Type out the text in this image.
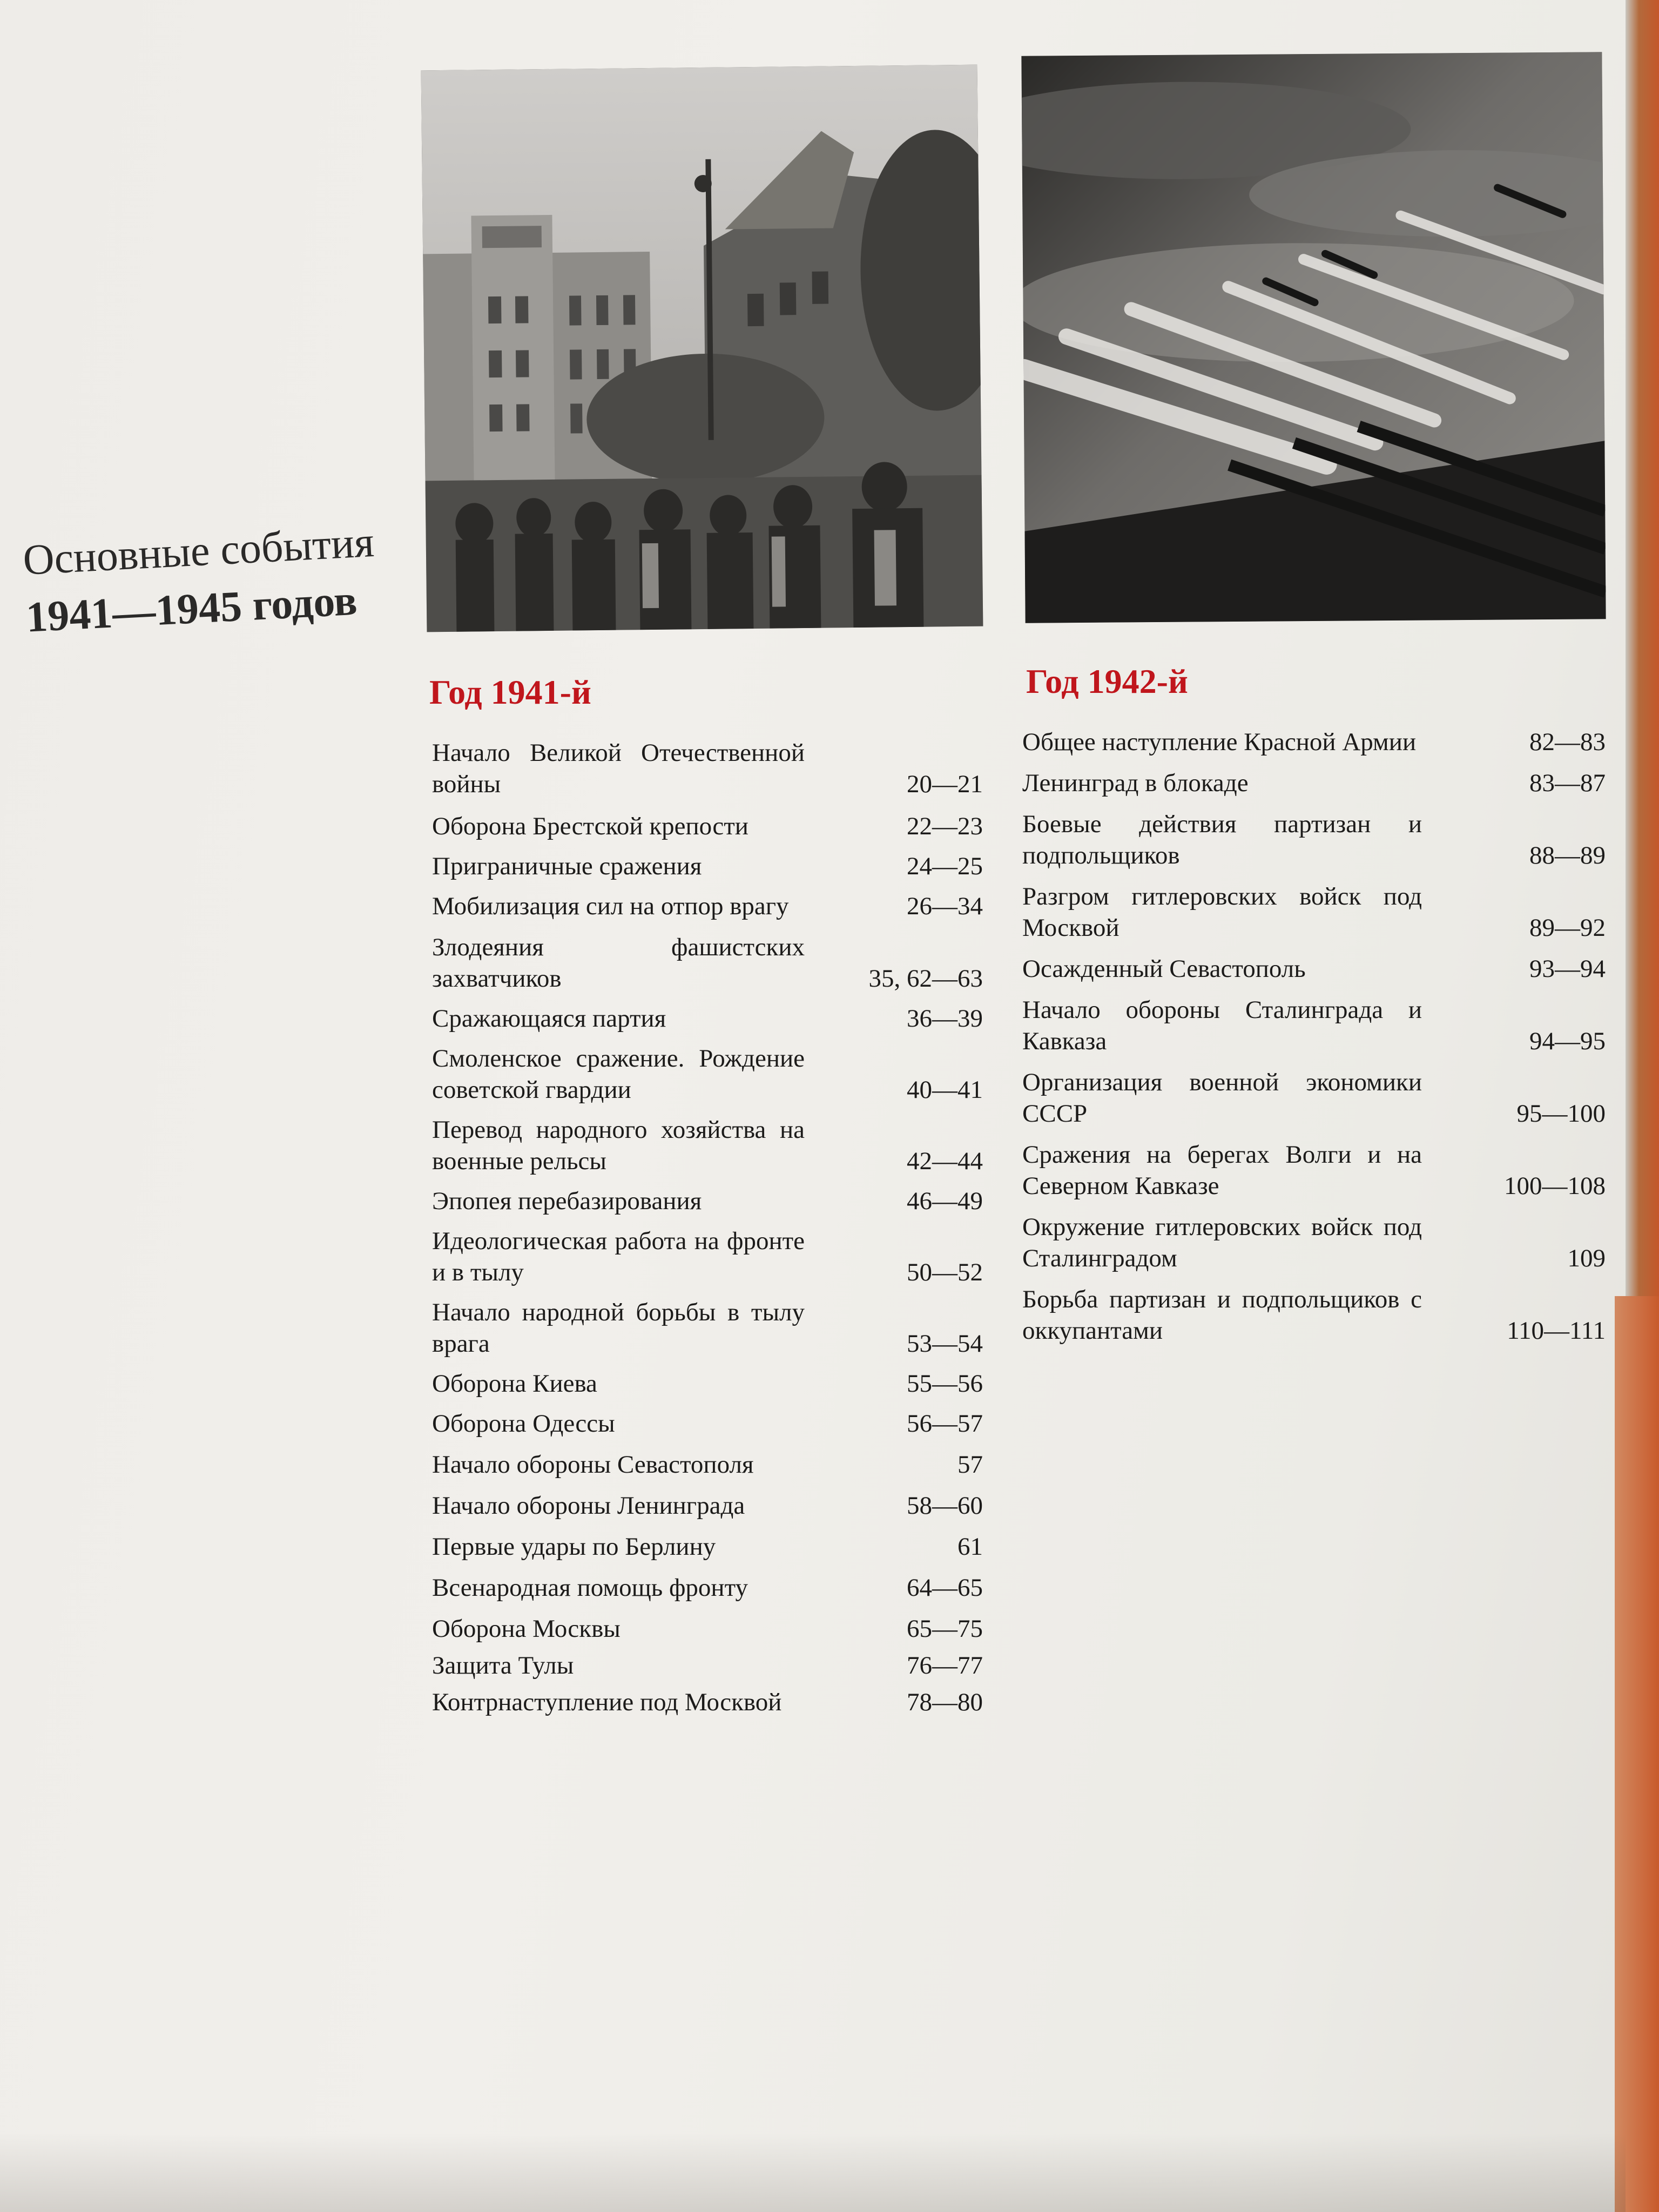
Основные события
1941—1945 годов
Год 1941-й	Год 1942-й
Начало Великой Отечественной войны	20—21
Оборона Брестской крепости	22—23
Приграничные сражения	24—25
Мобилизация сил на отпор врагу	26—34
Злодеяния фашистских захватчиков	35, 62—63
Сражающаяся партия	36—39
Смоленское сражение. Рождение советской гвардии	40—41
Перевод народного хозяйства на военные рельсы	42—44
Эпопея перебазирования	46—49
Идеологическая работа на фронте и в тылу	50—52
Начало народной борьбы в тылу врага	53—54
Оборона Киева	55—56
Оборона Одессы	56—57
Начало обороны Севастополя	57
Начало обороны Ленинграда	58—60
Первые удары по Берлину	61
Всенародная помощь фронту	64—65
Оборона Москвы	65—75
Защита Тулы	76—77
Контрнаступление под Москвой	78—80
Общее наступление Красной Армии	82—83
Ленинград в блокаде	83—87
Боевые действия партизан и подпольщиков	88—89
Разгром гитлеровских войск под Москвой	89—92
Осажденный Севастополь	93—94
Начало обороны Сталинграда и Кавказа	94—95
Организация военной экономики СССР	95—100
Сражения на берегах Волги и на Северном Кавказе	100—108
Окружение гитлеровских войск под Сталинградом	109
Борьба партизан и подпольщиков с оккупантами	110—111
